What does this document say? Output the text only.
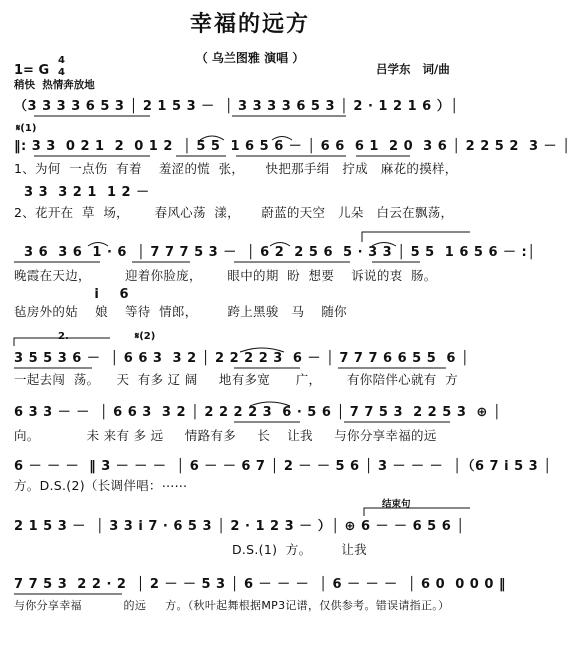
幸福的远方
（ 乌兰图雅 演唱 ）
1= G
4
4
稍快  热情奔放地
吕学东   词/曲
（3 3 3 3 6 5 3 │ 2 1 5 3 －  │ 3 3 3 3 6 5 3 │ 2 · 1 2 1 6 ）│
𝄋(1)
‖: 3 3  0 2 1  2  0 1 2  │ 5 5  1 6 5 6 － │ 6 6  6 1  2 0  3 6 │ 2 2 5 2  3 － │
1、为何  一点伤  有着    羞涩的慌  张，     快把那手绢   拧成   麻花的摸样，
3 3  3 2 1  1 2 －
2、花开在  草  场，      春风心荡  漾，     蔚蓝的天空   儿朵   白云在飘荡，
3 6  3 6  1 · 6  │ 7 7 7 5 3 －  │ 6 2  2 5 6  5 · 3 3 │ 5 5  1 6 5 6 － :│
晚霞在天边，        迎着你脸庞，      眼中的期  盼  想要    诉说的衷  肠。
i    6
毡房外的姑    娘    等待  情郎，       跨上黑骏   马    随你
2.                   𝄋(2)
3 5 5 3 6 －  │ 6 6 3  3 2 │ 2 2 2 2 3  6 － │ 7 7 7 6 6 5 5  6 │
一起去闯  荡。    天  有多 辽 阔     地有多宽      广，      有你陪伴心就有  方
6 3 3 － －  │ 6 6 3  3 2 │ 2 2 2 2 3  6 · 5 6 │ 7 7 5 3  2 2 5 3  ⊕ │
向。           未 来有 多 远     情路有多     长    让我     与你分享幸福的远
6 － － －  ‖ 3 － － －  │ 6 － － 6 7 │ 2 － － 5 6 │ 3 － － －  │（6 7 i 5 3 │
方。D.S.(2)（长调伴唱：⋯⋯
结束句
2 1 5 3 －  │ 3 3 i 7 · 6 5 3 │ 2 · 1 2 3 － ）│ ⊕ 6 － － 6 5 6 │
D.S.(1)  方。       让我
7 7 5 3  2 2 · 2  │ 2 － － 5 3 │ 6 － － －  │ 6 － － －  │ 6 0  0 0 0 ‖
与你分享幸福           的远     方。（秋叶起舞根据MP3记谱，仅供参考。错误请指正。）
